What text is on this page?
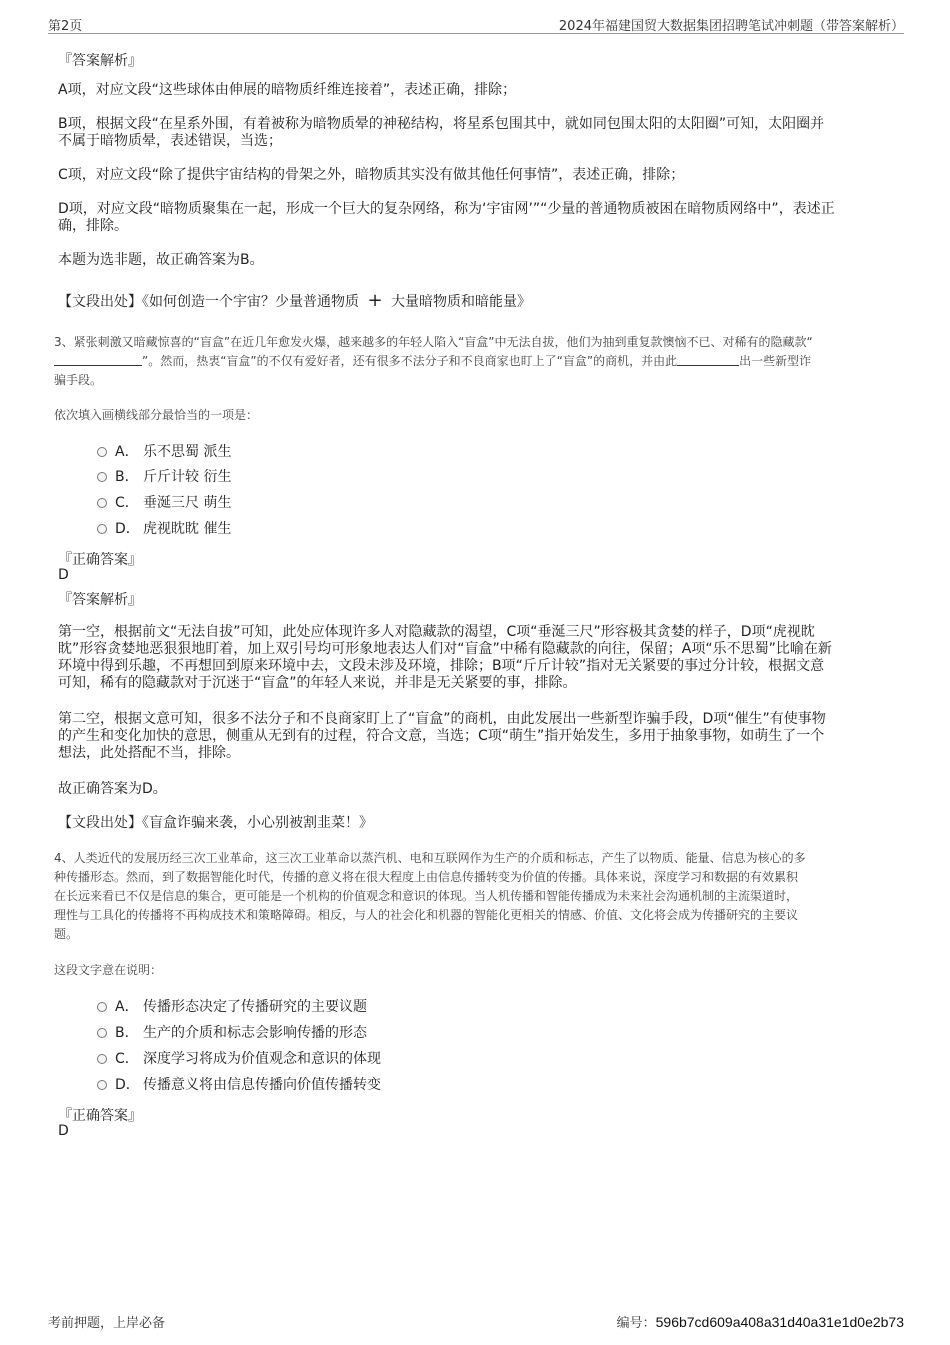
第2页	2024年福建国贸大数据集团招聘笔试冲刺题（带答案解析）
『答案解析』
A项，对应文段“这些球体由伸展的暗物质纤维连接着”，表述正确，排除；
B项，根据文段“在星系外围，有着被称为暗物质晕的神秘结构，将星系包围其中，就如同包围太阳的太阳圈”可知，太阳圈并
不属于暗物质晕，表述错误，当选；
C项，对应文段“除了提供宇宙结构的骨架之外，暗物质其实没有做其他任何事情”，表述正确，排除；
D项，对应文段“暗物质聚集在一起，形成一个巨大的复杂网络，称为‘宇宙网’”“少量的普通物质被困在暗物质网络中”，表述正
确，排除。
本题为选非题，故正确答案为B。
【文段出处】《如何创造一个宇宙？少量普通物质 + 大量暗物质和暗能量》
3、紧张刺激又暗藏惊喜的“盲盒”在近几年愈发火爆，越来越多的年轻人陷入“盲盒”中无法自拔，他们为抽到重复款懊恼不已、对稀有的隐藏款“
”。然而，热衷“盲盒”的不仅有爱好者，还有很多不法分子和不良商家也盯上了“盲盒”的商机，并由此	出一些新型诈
骗手段。
依次填入画横线部分最恰当的一项是：
A． 乐不思蜀 派生
B． 斤斤计较 衍生
C． 垂涎三尺 萌生
D． 虎视眈眈 催生
『正确答案』
D
『答案解析』
第一空，根据前文“无法自拔”可知，此处应体现许多人对隐藏款的渴望，C项“垂涎三尺”形容极其贪婪的样子，D项“虎视眈
眈”形容贪婪地恶狠狠地盯着，加上双引号均可形象地表达人们对“盲盒”中稀有隐藏款的向往，保留；A项“乐不思蜀”比喻在新
环境中得到乐趣，不再想回到原来环境中去，文段未涉及环境，排除；B项“斤斤计较”指对无关紧要的事过分计较，根据文意
可知，稀有的隐藏款对于沉迷于“盲盒”的年轻人来说，并非是无关紧要的事，排除。
第二空，根据文意可知，很多不法分子和不良商家盯上了“盲盒”的商机，由此发展出一些新型诈骗手段，D项“催生”有使事物
的产生和变化加快的意思，侧重从无到有的过程，符合文意，当选；C项“萌生”指开始发生，多用于抽象事物，如萌生了一个
想法，此处搭配不当，排除。
故正确答案为D。
【文段出处】《盲盒诈骗来袭，小心别被割韭菜！》
4、人类近代的发展历经三次工业革命，这三次工业革命以蒸汽机、电和互联网作为生产的介质和标志，产生了以物质、能量、信息为核心的多
种传播形态。然而，到了数据智能化时代，传播的意义将在很大程度上由信息传播转变为价值的传播。具体来说，深度学习和数据的有效累积
在长远来看已不仅是信息的集合，更可能是一个机构的价值观念和意识的体现。当人机传播和智能传播成为未来社会沟通机制的主流渠道时，
理性与工具化的传播将不再构成技术和策略障碍。相反，与人的社会化和机器的智能化更相关的情感、价值、文化将会成为传播研究的主要议
题。
这段文字意在说明：
A． 传播形态决定了传播研究的主要议题
B． 生产的介质和标志会影响传播的形态
C． 深度学习将成为价值观念和意识的体现
D． 传播意义将由信息传播向价值传播转变
『正确答案』
D
考前押题，上岸必备	编号：596b7cd609a408a31d40a31e1d0e2b73
